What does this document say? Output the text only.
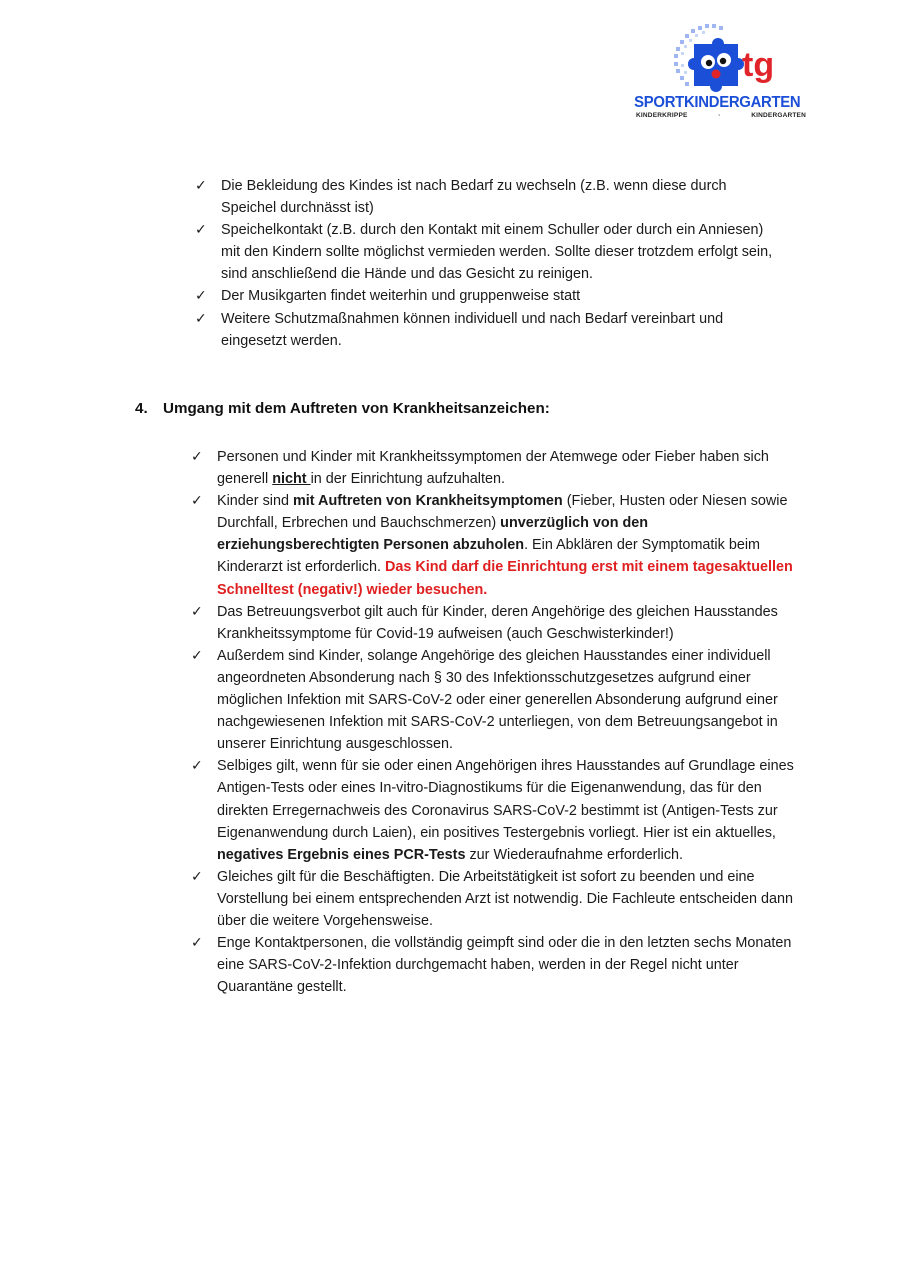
tg
SPORTKINDERGARTEN
KINDERKRIPPE	·	KINDERGARTEN
✓ Die Bekleidung des Kindes ist nach Bedarf zu wechseln (z.B. wenn diese durch Speichel durchnässt ist)
✓ Speichelkontakt (z.B. durch den Kontakt mit einem Schuller oder durch ein Anniesen) mit den Kindern sollte möglichst vermieden werden. Sollte dieser trotzdem erfolgt sein, sind anschließend die Hände und das Gesicht zu reinigen.
✓ Der Musikgarten findet weiterhin und gruppenweise statt
✓ Weitere Schutzmaßnahmen können individuell und nach Bedarf vereinbart und eingesetzt werden.
4. Umgang mit dem Auftreten von Krankheitsanzeichen:
✓ Personen und Kinder mit Krankheitssymptomen der Atemwege oder Fieber haben sich generell nicht in der Einrichtung aufzuhalten.
✓ Kinder sind mit Auftreten von Krankheitsymptomen (Fieber, Husten oder Niesen sowie Durchfall, Erbrechen und Bauchschmerzen) unverzüglich von den erziehungsberechtigten Personen abzuholen. Ein Abklären der Symptomatik beim Kinderarzt ist erforderlich. Das Kind darf die Einrichtung erst mit einem tagesaktuellen Schnelltest (negativ!) wieder besuchen.
✓ Das Betreuungsverbot gilt auch für Kinder, deren Angehörige des gleichen Hausstandes Krankheitssymptome für Covid-19 aufweisen (auch Geschwisterkinder!)
✓ Außerdem sind Kinder, solange Angehörige des gleichen Hausstandes einer individuell angeordneten Absonderung nach § 30 des Infektionsschutzgesetzes aufgrund einer möglichen Infektion mit SARS-CoV-2 oder einer generellen Absonderung aufgrund einer nachgewiesenen Infektion mit SARS-CoV-2 unterliegen, von dem Betreuungsangebot in unserer Einrichtung ausgeschlossen.
✓ Selbiges gilt, wenn für sie oder einen Angehörigen ihres Hausstandes auf Grundlage eines Antigen-Tests oder eines In-vitro-Diagnostikums für die Eigenanwendung, das für den direkten Erregernachweis des Coronavirus SARS-CoV-2 bestimmt ist (Antigen-Tests zur Eigenanwendung durch Laien), ein positives Testergebnis vorliegt. Hier ist ein aktuelles, negatives Ergebnis eines PCR-Tests zur Wiederaufnahme erforderlich.
✓ Gleiches gilt für die Beschäftigten. Die Arbeitstätigkeit ist sofort zu beenden und eine Vorstellung bei einem entsprechenden Arzt ist notwendig. Die Fachleute entscheiden dann über die weitere Vorgehensweise.
✓ Enge Kontaktpersonen, die vollständig geimpft sind oder die in den letzten sechs Monaten eine SARS-CoV-2-Infektion durchgemacht haben, werden in der Regel nicht unter Quarantäne gestellt.
